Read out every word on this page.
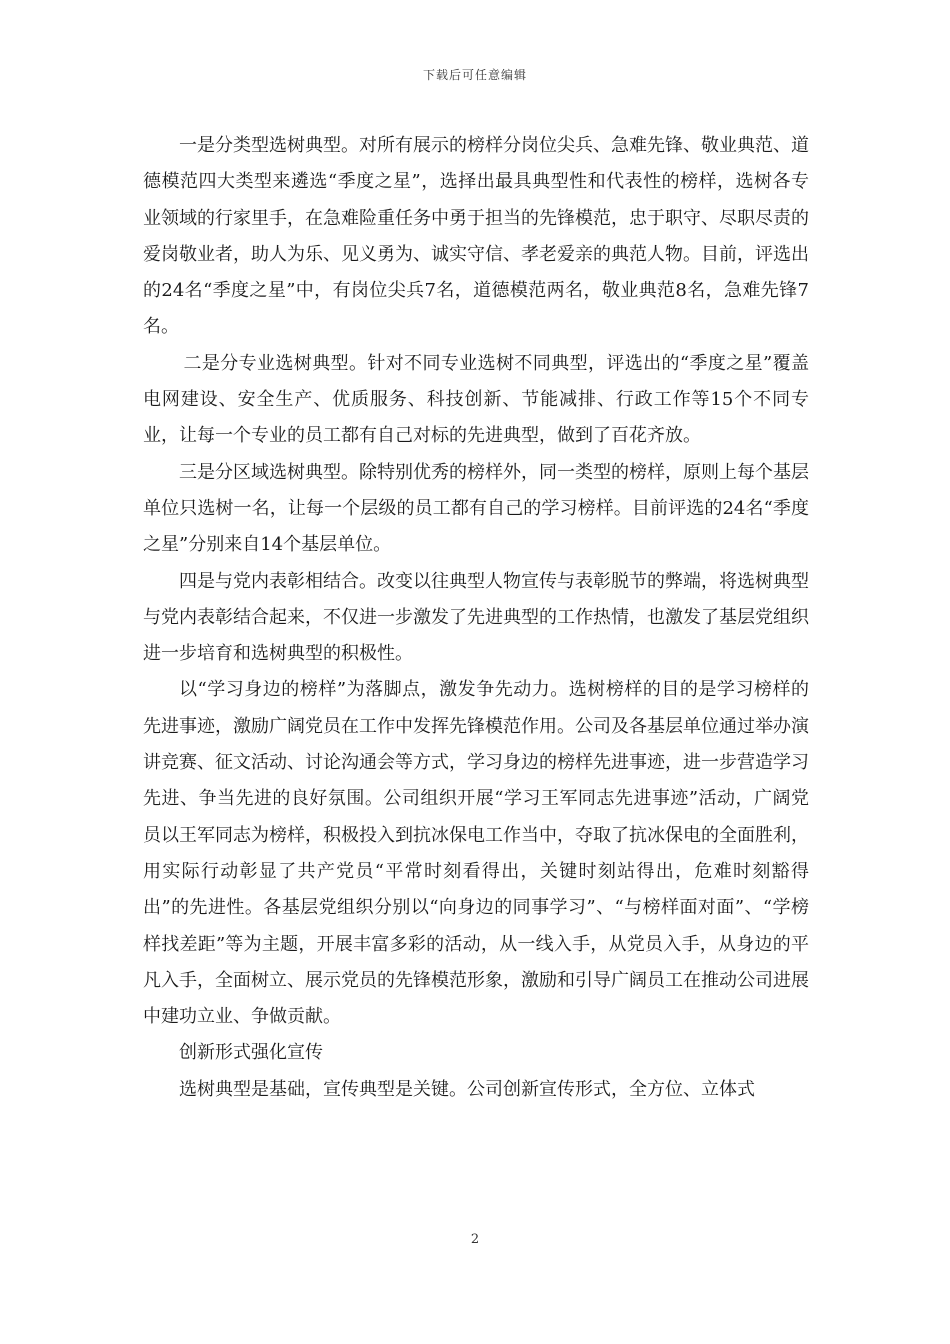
下载后可任意编辑

一是分类型选树典型。对所有展示的榜样分岗位尖兵、急难先锋、敬业典范、道德模范四大类型来遴选“季度之星”，选择出最具典型性和代表性的榜样，选树各专业领域的行家里手，在急难险重任务中勇于担当的先锋模范，忠于职守、尽职尽责的爱岗敬业者，助人为乐、见义勇为、诚实守信、孝老爱亲的典范人物。目前，评选出的24名“季度之星”中，有岗位尖兵7名，道德模范两名，敬业典范8名，急难先锋7名。

二是分专业选树典型。针对不同专业选树不同典型，评选出的“季度之星”覆盖电网建设、安全生产、优质服务、科技创新、节能减排、行政工作等15个不同专业，让每一个专业的员工都有自己对标的先进典型，做到了百花齐放。

三是分区域选树典型。除特别优秀的榜样外，同一类型的榜样，原则上每个基层单位只选树一名，让每一个层级的员工都有自己的学习榜样。目前评选的24名“季度之星”分别来自14个基层单位。

四是与党内表彰相结合。改变以往典型人物宣传与表彰脱节的弊端，将选树典型与党内表彰结合起来，不仅进一步激发了先进典型的工作热情，也激发了基层党组织进一步培育和选树典型的积极性。

以“学习身边的榜样”为落脚点，激发争先动力。选树榜样的目的是学习榜样的先进事迹，激励广阔党员在工作中发挥先锋模范作用。公司及各基层单位通过举办演讲竞赛、征文活动、讨论沟通会等方式，学习身边的榜样先进事迹，进一步营造学习先进、争当先进的良好氛围。公司组织开展“学习王军同志先进事迹”活动，广阔党员以王军同志为榜样，积极投入到抗冰保电工作当中，夺取了抗冰保电的全面胜利，用实际行动彰显了共产党员“平常时刻看得出，关键时刻站得出，危难时刻豁得出”的先进性。各基层党组织分别以“向身边的同事学习”、“与榜样面对面”、“学榜样找差距”等为主题，开展丰富多彩的活动，从一线入手，从党员入手，从身边的平凡入手，全面树立、展示党员的先锋模范形象，激励和引导广阔员工在推动公司进展中建功立业、争做贡献。

创新形式强化宣传

选树典型是基础，宣传典型是关键。公司创新宣传形式，全方位、立体式

2
